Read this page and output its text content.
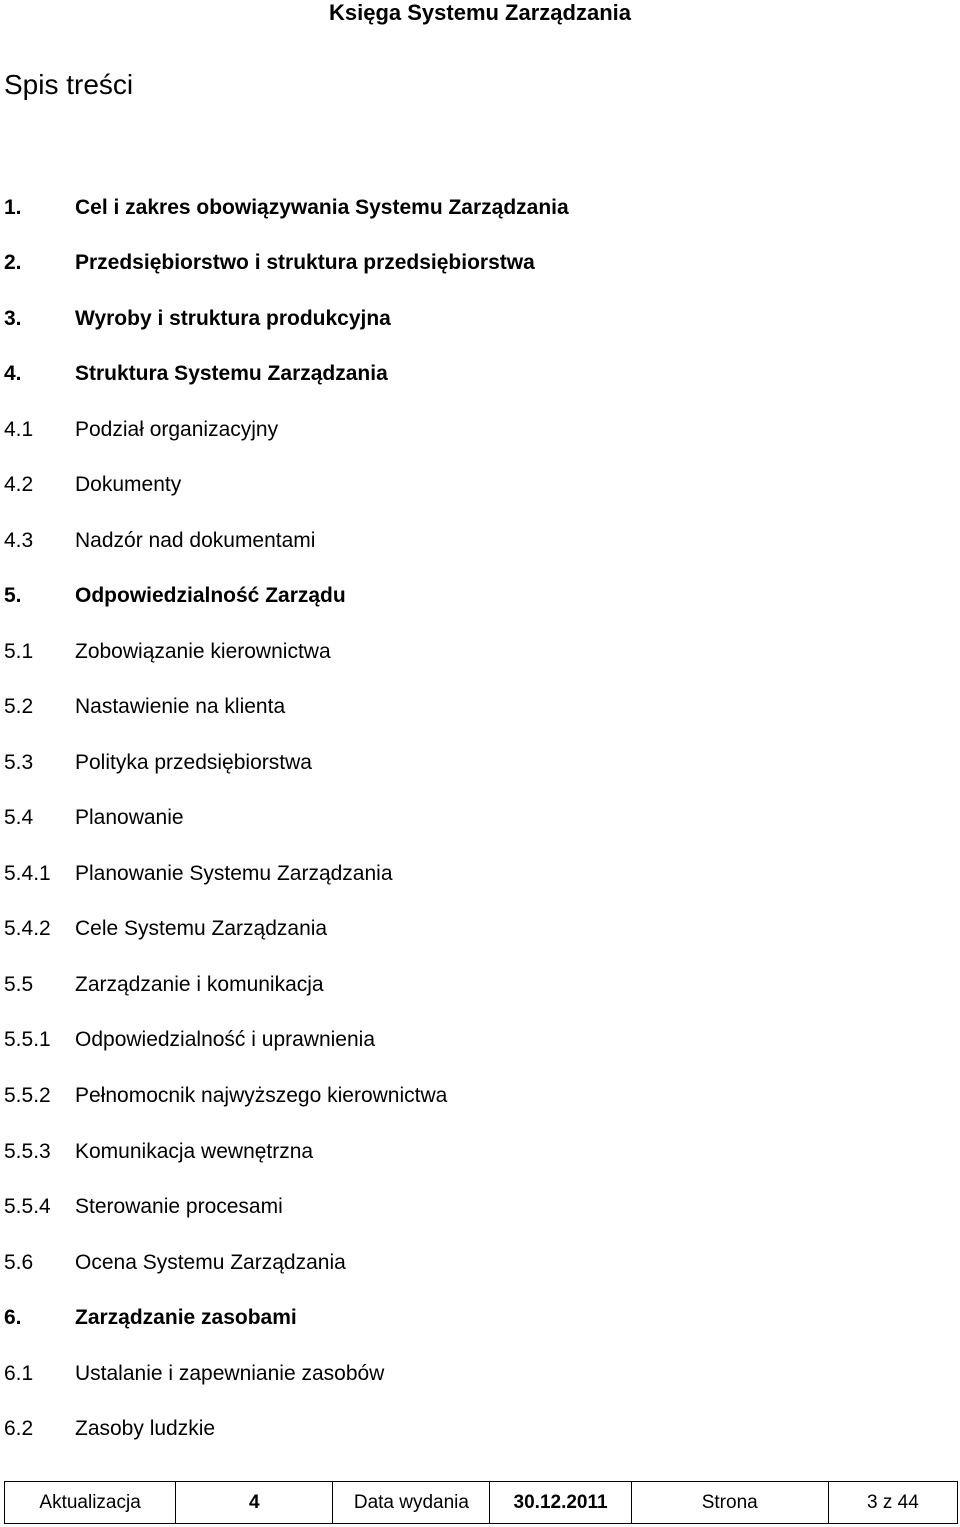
Księga Systemu Zarządzania
Spis treści
1.	Cel i zakres obowiązywania Systemu Zarządzania
2.	Przedsiębiorstwo i struktura przedsiębiorstwa
3.	Wyroby i struktura produkcyjna
4.	Struktura Systemu Zarządzania
4.1 Podział organizacyjny
4.2 Dokumenty
4.3 Nadzór nad dokumentami
5.	Odpowiedzialność Zarządu
5.1 Zobowiązanie kierownictwa
5.2 Nastawienie na klienta
5.3 Polityka przedsiębiorstwa
5.4 Planowanie
5.4.1 Planowanie Systemu Zarządzania
5.4.2 Cele Systemu Zarządzania
5.5 Zarządzanie i komunikacja
5.5.1 Odpowiedzialność i uprawnienia
5.5.2 Pełnomocnik najwyższego kierownictwa
5.5.3 Komunikacja wewnętrzna
5.5.4 Sterowanie procesami
5.6 Ocena Systemu Zarządzania
6.	Zarządzanie zasobami
6.1 Ustalanie i zapewnianie zasobów
6.2 Zasoby ludzkie
Aktualizacja	4	Data wydania	30.12.2011	Strona	3 z 44
